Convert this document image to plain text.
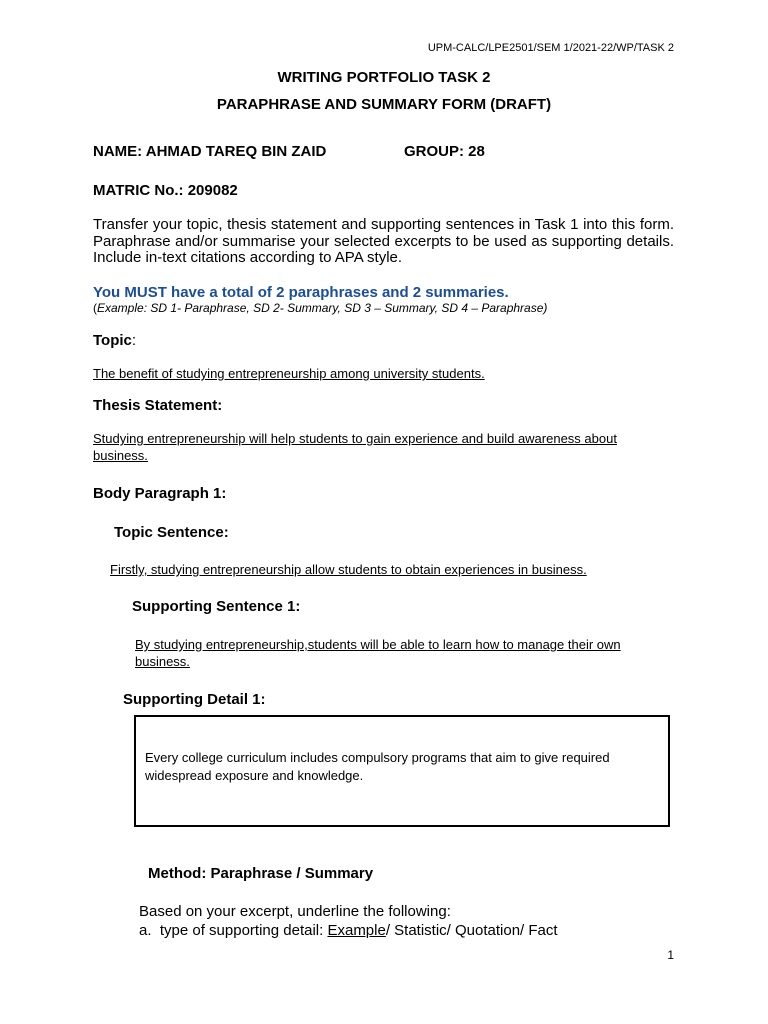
UPM-CALC/LPE2501/SEM 1/2021-22/WP/TASK 2
WRITING PORTFOLIO TASK 2
PARAPHRASE AND SUMMARY FORM (DRAFT)
NAME: AHMAD TAREQ BIN ZAID	GROUP: 28
MATRIC No.: 209082
Transfer your topic, thesis statement and supporting sentences in Task 1 into this form. Paraphrase and/or summarise your selected excerpts to be used as supporting details. Include in-text citations according to APA style.
You MUST have a total of 2 paraphrases and 2 summaries.
(Example: SD 1- Paraphrase, SD 2- Summary, SD 3 – Summary, SD 4 – Paraphrase)
Topic:
The benefit of studying entrepreneurship among university students.
Thesis Statement:
Studying entrepreneurship will help students to gain experience and build awareness about
business.
Body Paragraph 1:
Topic Sentence:
Firstly, studying entrepreneurship allow students to obtain experiences in business.
Supporting Sentence 1:
By studying entrepreneurship,students will be able to learn how to manage their own
business.
Supporting Detail 1:
Every college curriculum includes compulsory programs that aim to give required widespread exposure and knowledge.
Method: Paraphrase / Summary
Based on your excerpt, underline the following:
a. type of supporting detail: Example/ Statistic/ Quotation/ Fact
1
